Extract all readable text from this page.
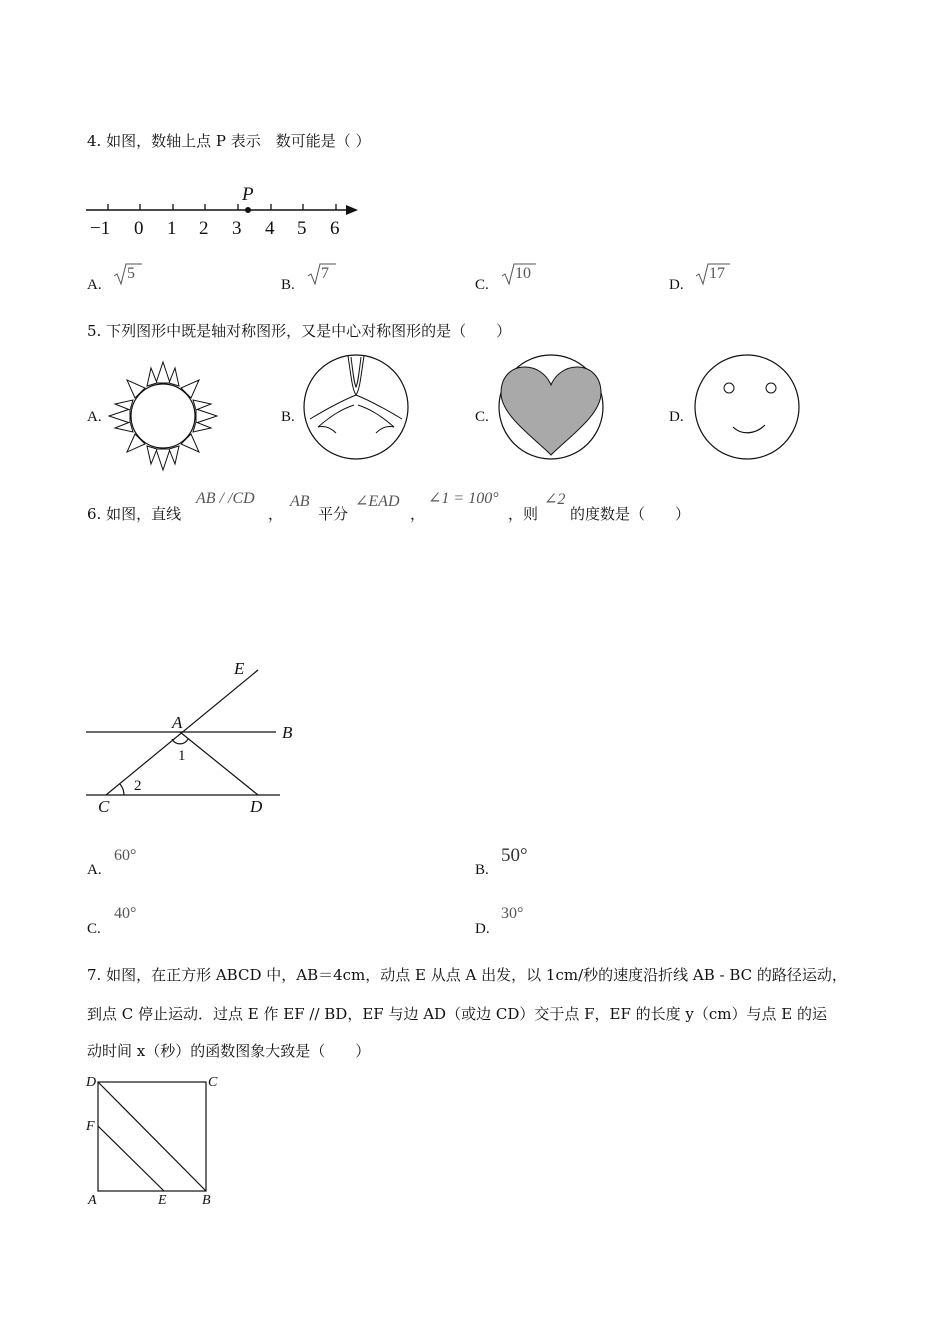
4. 如图，数轴上点 P 表示　数可能是（ ）
P
−1 0 1 2 3 4 5 6
A.
5
B.
7
C.
10
D.
17
5. 下列图形中既是轴对称图形，又是中心对称图形的是（　　）
A.	B.	C.	D.
6. 如图，直线
AB / /CD
，
AB
平分
∠EAD
，
∠1 = 100°
，则
∠2
的度数是（　　）
E
A
B
1
2
C	D
A.
60°
B.
50°
C.
40°
D.
30°
7. 如图，在正方形 ABCD 中，AB＝4cm，动点 E 从点 A 出发，以 1cm/秒的速度沿折线 AB - BC 的路径运动，
到点 C 停止运动．过点 E 作 EF // BD，EF 与边 AD（或边 CD）交于点 F，EF 的长度 y（cm）与点 E 的运
动时间 x（秒）的函数图象大致是（　　）
D	C
F
A	E	B
